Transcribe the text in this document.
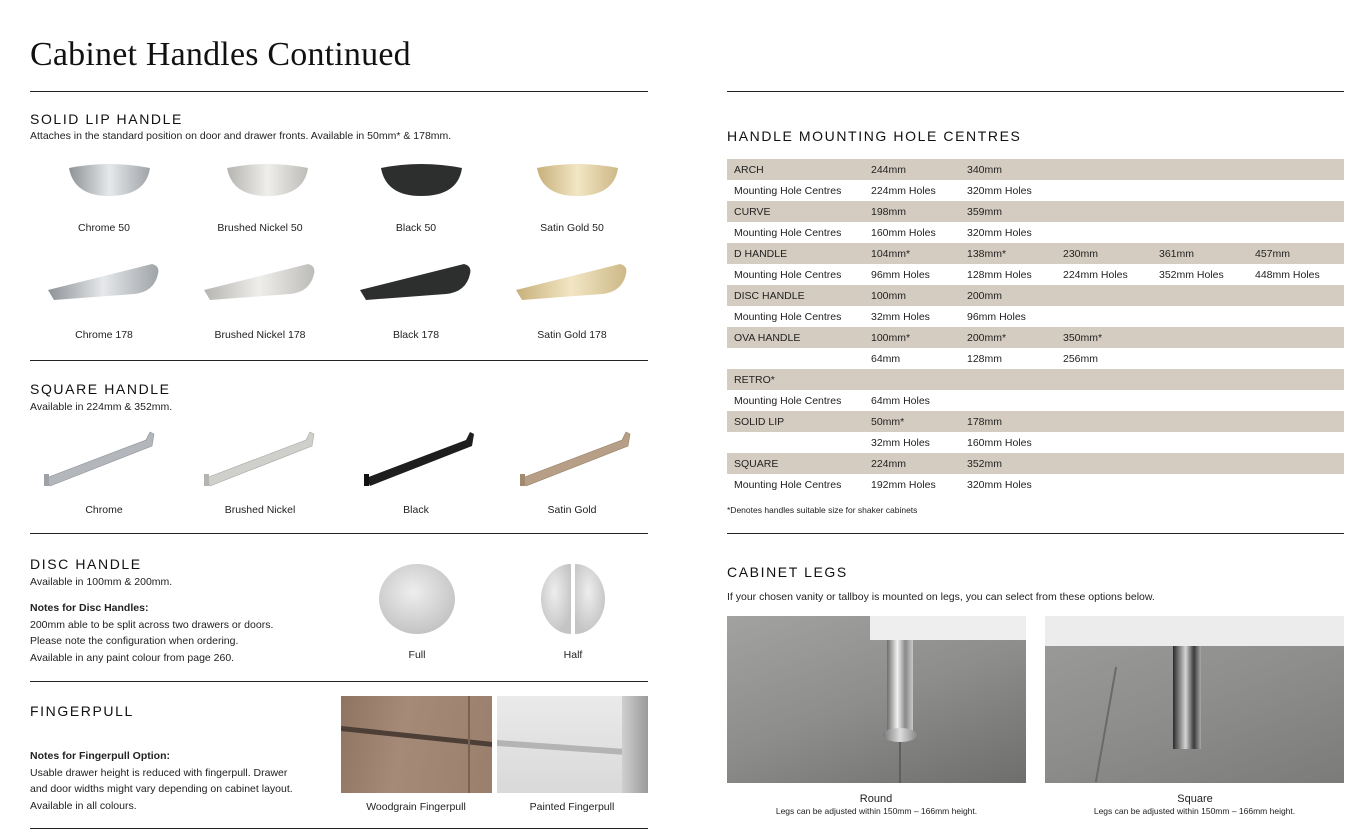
Cabinet Handles Continued
SOLID LIP HANDLE
Attaches in the standard position on door and drawer fronts. Available in 50mm* & 178mm.
Chrome 50	Brushed Nickel 50	Black 50	Satin Gold 50
Chrome 178	Brushed Nickel 178	Black 178	Satin Gold 178
SQUARE HANDLE
Available in 224mm & 352mm.
Chrome	Brushed Nickel	Black	Satin Gold
DISC HANDLE
Available in 100mm & 200mm.
Notes for Disc Handles:
200mm able to be split across two drawers or doors.
Please note the configuration when ordering.
Available in any paint colour from page 260.	Full	Half
FINGERPULL
Notes for Fingerpull Option:
Usable drawer height is reduced with fingerpull. Drawer
and door widths might vary depending on cabinet layout.
Available in all colours.	Woodgrain Fingerpull	Painted Fingerpull
HANDLE MOUNTING HOLE CENTRES
ARCH	244mm	340mm			
Mounting Hole Centres	224mm Holes	320mm Holes			
CURVE	198mm	359mm			
Mounting Hole Centres	160mm Holes	320mm Holes			
D HANDLE	104mm*	138mm*	230mm	361mm	457mm
Mounting Hole Centres	96mm Holes	128mm Holes	224mm Holes	352mm Holes	448mm Holes
DISC HANDLE	100mm	200mm			
Mounting Hole Centres	32mm Holes	96mm Holes			
OVA HANDLE	100mm*	200mm*	350mm*		
	64mm	128mm	256mm		
RETRO*					
Mounting Hole Centres	64mm Holes				
SOLID LIP	50mm*	178mm			
	32mm Holes	160mm Holes			
SQUARE	224mm	352mm			
Mounting Hole Centres	192mm Holes	320mm Holes			
*Denotes handles suitable size for shaker cabinets
CABINET LEGS
If your chosen vanity or tallboy is mounted on legs, you can select from these options below.
Round
Legs can be adjusted within 150mm – 166mm height.
Square
Legs can be adjusted within 150mm – 166mm height.
